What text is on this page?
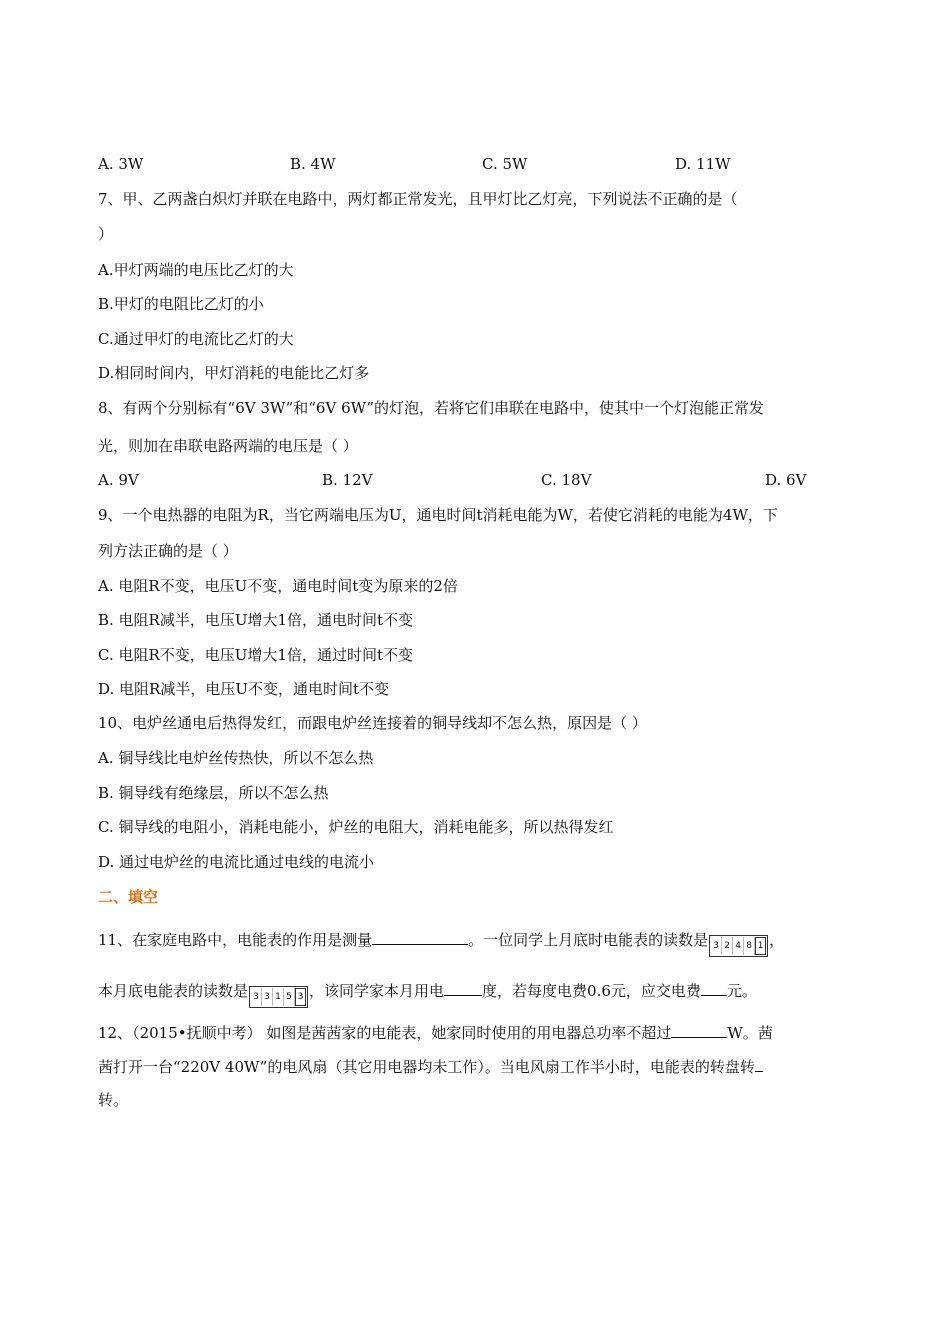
A. 3W	B. 4W	C. 5W	D. 11W
7、甲、乙两盏白炽灯并联在电路中，两灯都正常发光，且甲灯比乙灯亮，下列说法不正确的是（
）
A.甲灯两端的电压比乙灯的大
B.甲灯的电阻比乙灯的小
C.通过甲灯的电流比乙灯的大
D.相同时间内，甲灯消耗的电能比乙灯多
8、有两个分别标有“6V 3W”和“6V 6W”的灯泡，若将它们串联在电路中，使其中一个灯泡能正常发
光，则加在串联电路两端的电压是（ ）
A. 9V	B. 12V	C. 18V	D. 6V
9、一个电热器的电阻为R，当它两端电压为U，通电时间t消耗电能为W，若使它消耗的电能为4W，下
列方法正确的是（ ）
A. 电阻R不变，电压U不变，通电时间t变为原来的2倍
B. 电阻R减半，电压U增大1倍，通电时间t不变
C. 电阻R不变，电压U增大1倍，通过时间t不变
D. 电阻R减半，电压U不变，通电时间t不变
10、电炉丝通电后热得发红，而跟电炉丝连接着的铜导线却不怎么热，原因是（ ）
A. 铜导线比电炉丝传热快，所以不怎么热
B. 铜导线有绝缘层，所以不怎么热
C. 铜导线的电阻小，消耗电能小，炉丝的电阻大，消耗电能多，所以热得发红
D. 通过电炉丝的电流比通过电线的电流小
二、填空
11、在家庭电路中，电能表的作用是测量	。一位同学上月底时电能表的读数是 3 2 4 8 1 ，
本月底电能表的读数是 3 3 1 5 3 ，该同学家本月用电	度，若每度电费0.6元，应交电费 元。
12、（2015•抚顺中考） 如图是茜茜家的电能表，她家同时使用的用电器总功率不超过	W。茜
茜打开一台“220V 40W”的电风扇（其它用电器均未工作）。当电风扇工作半小时，电能表的转盘转
转。
